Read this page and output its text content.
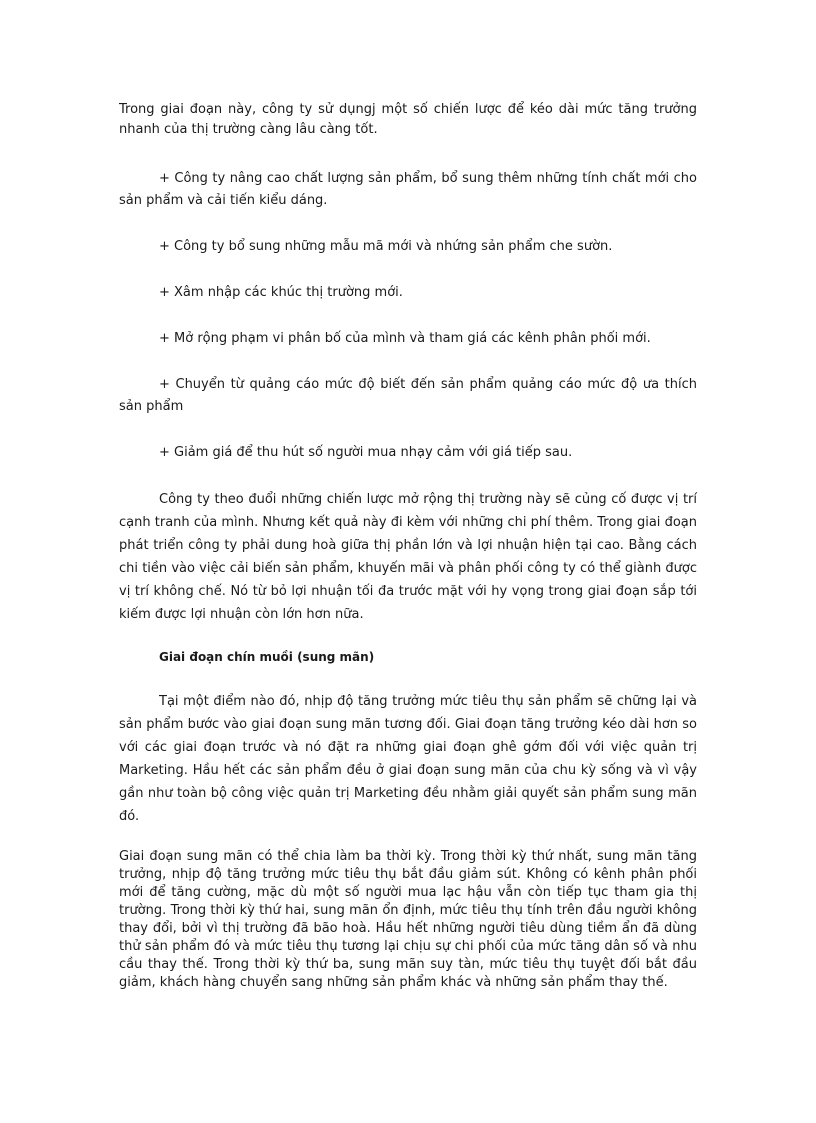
Trong giai đoạn này, công ty sử dụngj một số chiến lược để kéo dài mức tăng trưởng nhanh của thị trường càng lâu càng tốt.

+ Công ty nâng cao chất lượng sản phẩm, bổ sung thêm những tính chất mới cho sản phẩm và cải tiến kiểu dáng.

+ Công ty bổ sung những mẫu mã mới và nhứng sản phẩm che sườn.

+ Xâm nhập các khúc thị trường mới.

+ Mở rộng phạm vi phân bố của mình và tham giá các kênh phân phối mới.

+ Chuyển từ quảng cáo mức độ biết đến sản phẩm quảng cáo mức độ ưa thích sản phẩm

+ Giảm giá để thu hút số người mua nhạy cảm với giá tiếp sau.

Công ty theo đuổi những chiến lược mở rộng thị trường này sẽ củng cố được vị trí cạnh tranh của mình. Nhưng kết quả này đi kèm với những chi phí thêm. Trong giai đoạn phát triển công ty phải dung hoà giữa thị phần lớn và lợi nhuận hiện tại cao. Bằng cách chi tiền vào việc cải biến sản phẩm, khuyến mãi và phân phối công ty có thể giành được vị trí không chế. Nó từ bỏ lợi nhuận tối đa trước mặt với hy vọng trong giai đoạn sắp tới kiếm được lợi nhuận còn lớn hơn nữa.

Giai đoạn chín muồi (sung mãn)

Tại một điểm nào đó, nhịp độ tăng trưởng mức tiêu thụ sản phẩm sẽ chững lại và sản phẩm bước vào giai đoạn sung mãn tương đối. Giai đoạn tăng trưởng kéo dài hơn so với các giai đoạn trước và nó đặt ra những giai đoạn ghê gớm đối với việc quản trị Marketing. Hầu hết các sản phẩm đều ở giai đoạn sung mãn của chu kỳ sống và vì vậy gần như toàn bộ công việc quản trị Marketing đều nhằm giải quyết sản phẩm sung mãn đó.

Giai đoạn sung mãn có thể chia làm ba thời kỳ. Trong thời kỳ thứ nhất, sung mãn tăng trưởng, nhịp độ tăng trưởng mức tiêu thụ bắt đầu giảm sút. Không có kênh phân phối mới để tăng cường, mặc dù một số người mua lạc hậu vẫn còn tiếp tục tham gia thị trường. Trong thời kỳ thứ hai, sung mãn ổn định, mức tiêu thụ tính trên đầu người không thay đổi, bởi vì thị trường đã bão hoà. Hầu hết những người tiêu dùng tiềm ẩn đã dùng thử sản phẩm đó và mức tiêu thụ tương lại chịu sự chi phối của mức tăng dân số và nhu cầu thay thế. Trong thời kỳ thứ ba, sung mãn suy tàn, mức tiêu thụ tuyệt đối bắt đầu giảm, khách hàng chuyển sang những sản phẩm khác và những sản phẩm thay thế.
